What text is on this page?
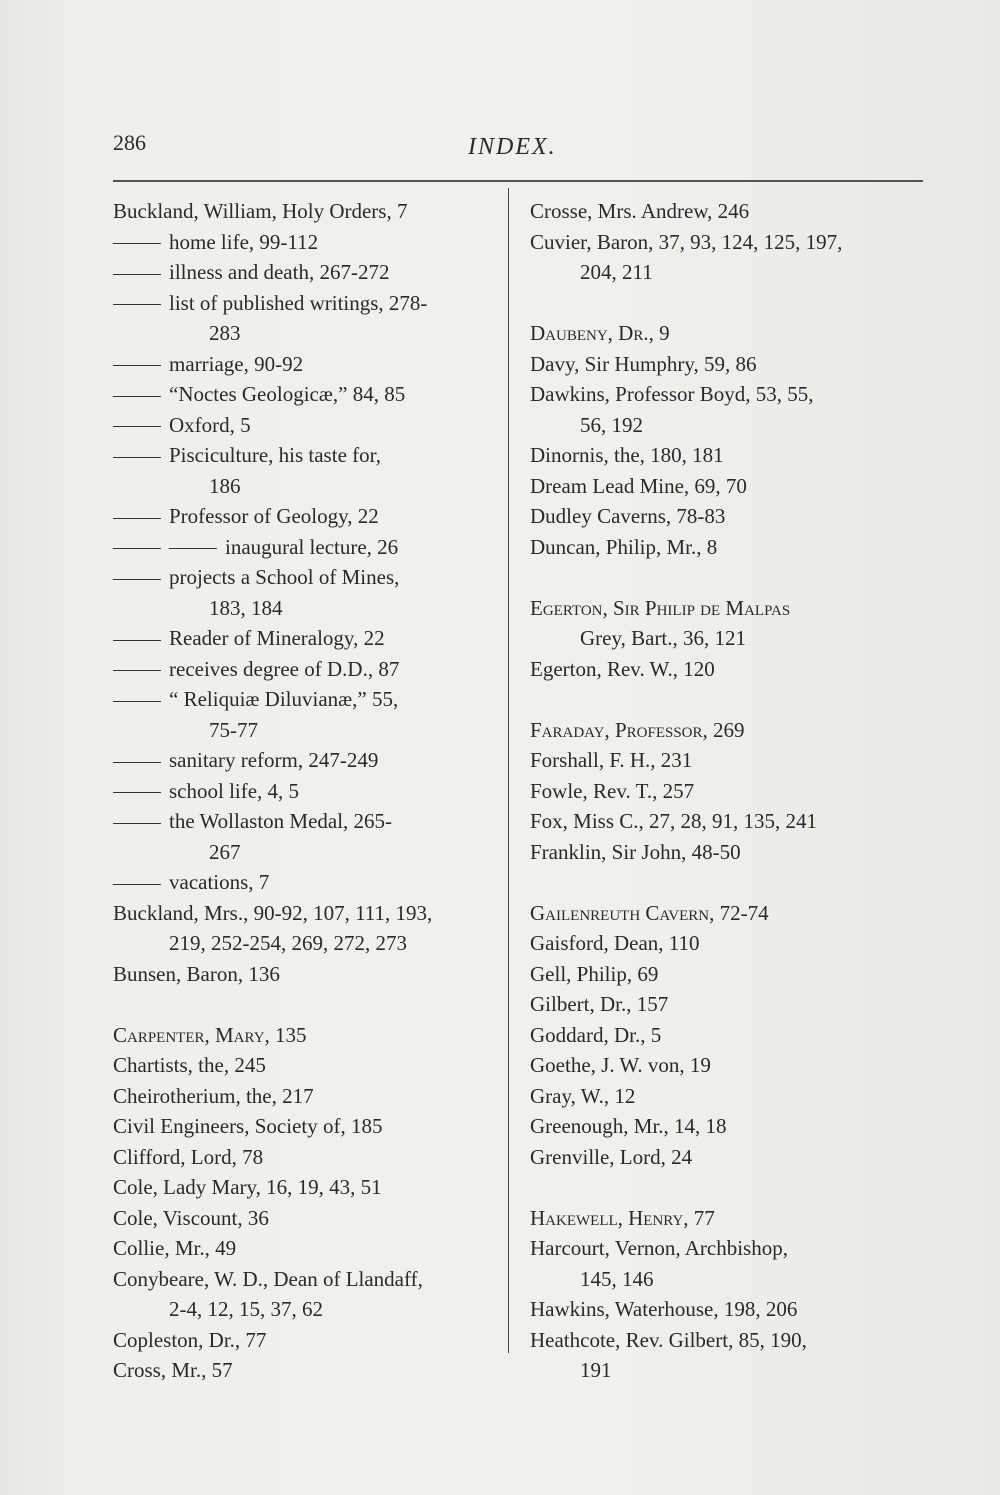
286	INDEX.
Buckland, William, Holy Orders, 7
home life, 99-112
illness and death, 267-272
list of published writings, 278-
283
marriage, 90-92
“Noctes Geologicæ,” 84, 85
Oxford, 5
Pisciculture, his taste for,
186
Professor of Geology, 22
inaugural lecture, 26
projects a School of Mines,
183, 184
Reader of Mineralogy, 22
receives degree of D.D., 87
“ Reliquiæ Diluvianæ,” 55,
75-77
sanitary reform, 247-249
school life, 4, 5
the Wollaston Medal, 265-
267
vacations, 7
Buckland, Mrs., 90-92, 107, 111, 193,
219, 252-254, 269, 272, 273
Bunsen, Baron, 136
Carpenter, Mary, 135
Chartists, the, 245
Cheirotherium, the, 217
Civil Engineers, Society of, 185
Clifford, Lord, 78
Cole, Lady Mary, 16, 19, 43, 51
Cole, Viscount, 36
Collie, Mr., 49
Conybeare, W. D., Dean of Llandaff,
2-4, 12, 15, 37, 62
Copleston, Dr., 77
Cross, Mr., 57
Crosse, Mrs. Andrew, 246
Cuvier, Baron, 37, 93, 124, 125, 197,
204, 211
Daubeny, Dr., 9
Davy, Sir Humphry, 59, 86
Dawkins, Professor Boyd, 53, 55,
56, 192
Dinornis, the, 180, 181
Dream Lead Mine, 69, 70
Dudley Caverns, 78-83
Duncan, Philip, Mr., 8
Egerton, Sir Philip de Malpas
Grey, Bart., 36, 121
Egerton, Rev. W., 120
Faraday, Professor, 269
Forshall, F. H., 231
Fowle, Rev. T., 257
Fox, Miss C., 27, 28, 91, 135, 241
Franklin, Sir John, 48-50
Gailenreuth Cavern, 72-74
Gaisford, Dean, 110
Gell, Philip, 69
Gilbert, Dr., 157
Goddard, Dr., 5
Goethe, J. W. von, 19
Gray, W., 12
Greenough, Mr., 14, 18
Grenville, Lord, 24
Hakewell, Henry, 77
Harcourt, Vernon, Archbishop,
145, 146
Hawkins, Waterhouse, 198, 206
Heathcote, Rev. Gilbert, 85, 190,
191
